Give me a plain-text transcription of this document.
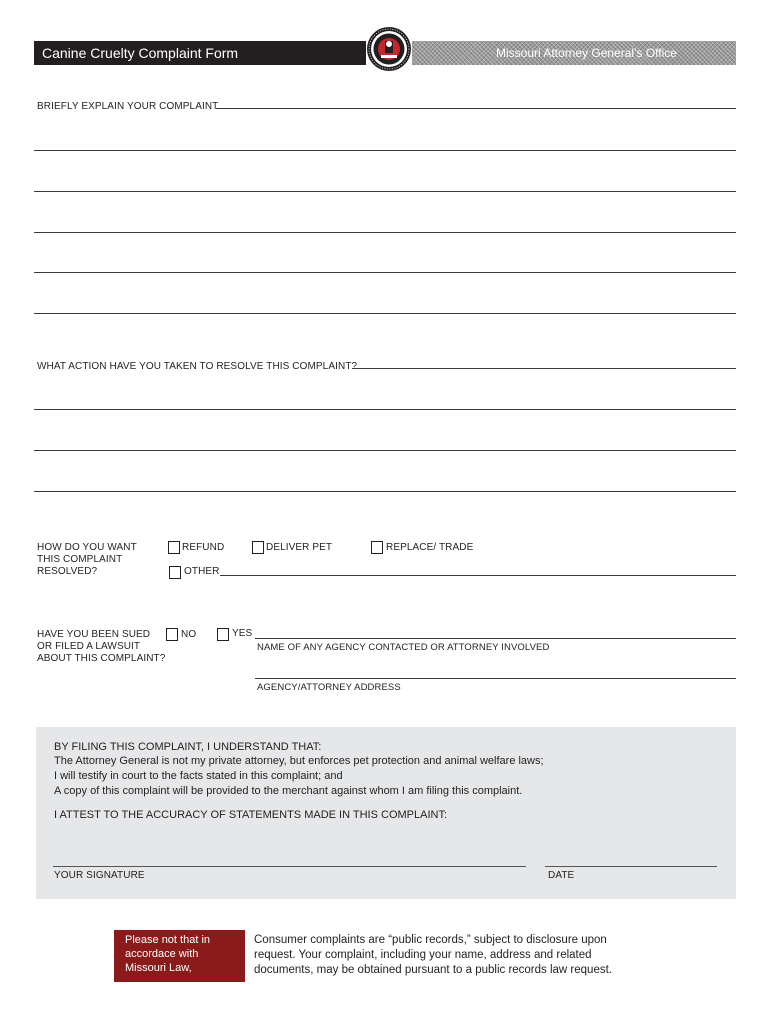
Canine Cruelty Complaint Form	Missouri Attorney General’s Office
BRIEFLY EXPLAIN YOUR COMPLAINT
WHAT ACTION HAVE YOU TAKEN TO RESOLVE THIS COMPLAINT?
HOW DO YOU WANT
THIS COMPLAINT
RESOLVED?
REFUND	DELIVER PET	REPLACE/ TRADE
OTHER
HAVE YOU BEEN SUED
OR FILED A LAWSUIT
ABOUT THIS COMPLAINT?
NO	YES
NAME OF ANY AGENCY CONTACTED OR ATTORNEY INVOLVED
AGENCY/ATTORNEY ADDRESS
BY FILING THIS COMPLAINT, I UNDERSTAND THAT:
The Attorney General is not my private attorney, but enforces pet protection and animal welfare laws;
I will testify in court to the facts stated in this complaint; and
A copy of this complaint will be provided to the merchant against whom I am filing this complaint.
I ATTEST TO THE ACCURACY OF STATEMENTS MADE IN THIS COMPLAINT:
YOUR SIGNATURE	DATE
Please not that in
accordace with
Missouri Law,
Consumer complaints are “public records,” subject to disclosure upon
request. Your complaint, including your name, address and related
documents, may be obtained pursuant to a public records law request.
